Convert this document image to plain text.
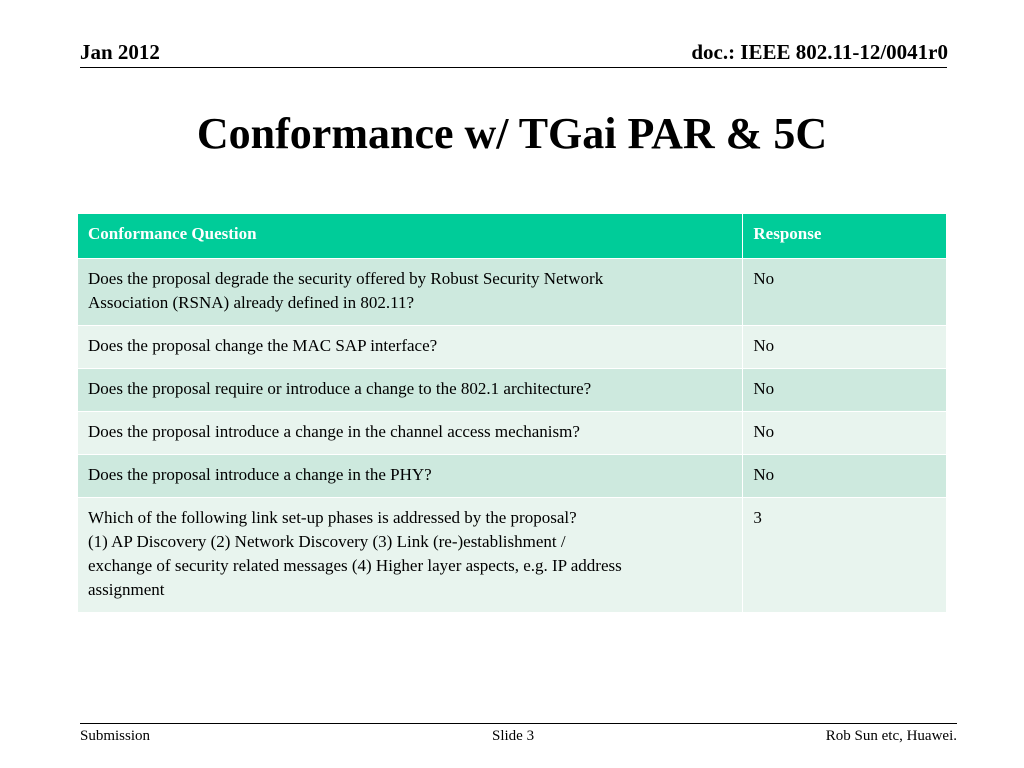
Jan 2012	doc.: IEEE 802.11-12/0041r0
Conformance w/ TGai PAR & 5C
Conformance Question	Response

Does the proposal degrade the security offered by Robust Security Network
Association (RSNA) already defined in 802.11?	No

Does the proposal change the MAC SAP interface?	No

Does the proposal require or introduce a change to the 802.1 architecture?	No

Does the proposal introduce a change in the channel access mechanism?	No

Does the proposal introduce a change in the PHY?	No

Which of the following link set-up phases is addressed by the proposal?
(1) AP Discovery (2) Network Discovery (3) Link (re-)establishment /
exchange of security related messages (4) Higher layer aspects, e.g. IP address
assignment	3
Submission	Slide 3	Rob Sun etc, Huawei.
